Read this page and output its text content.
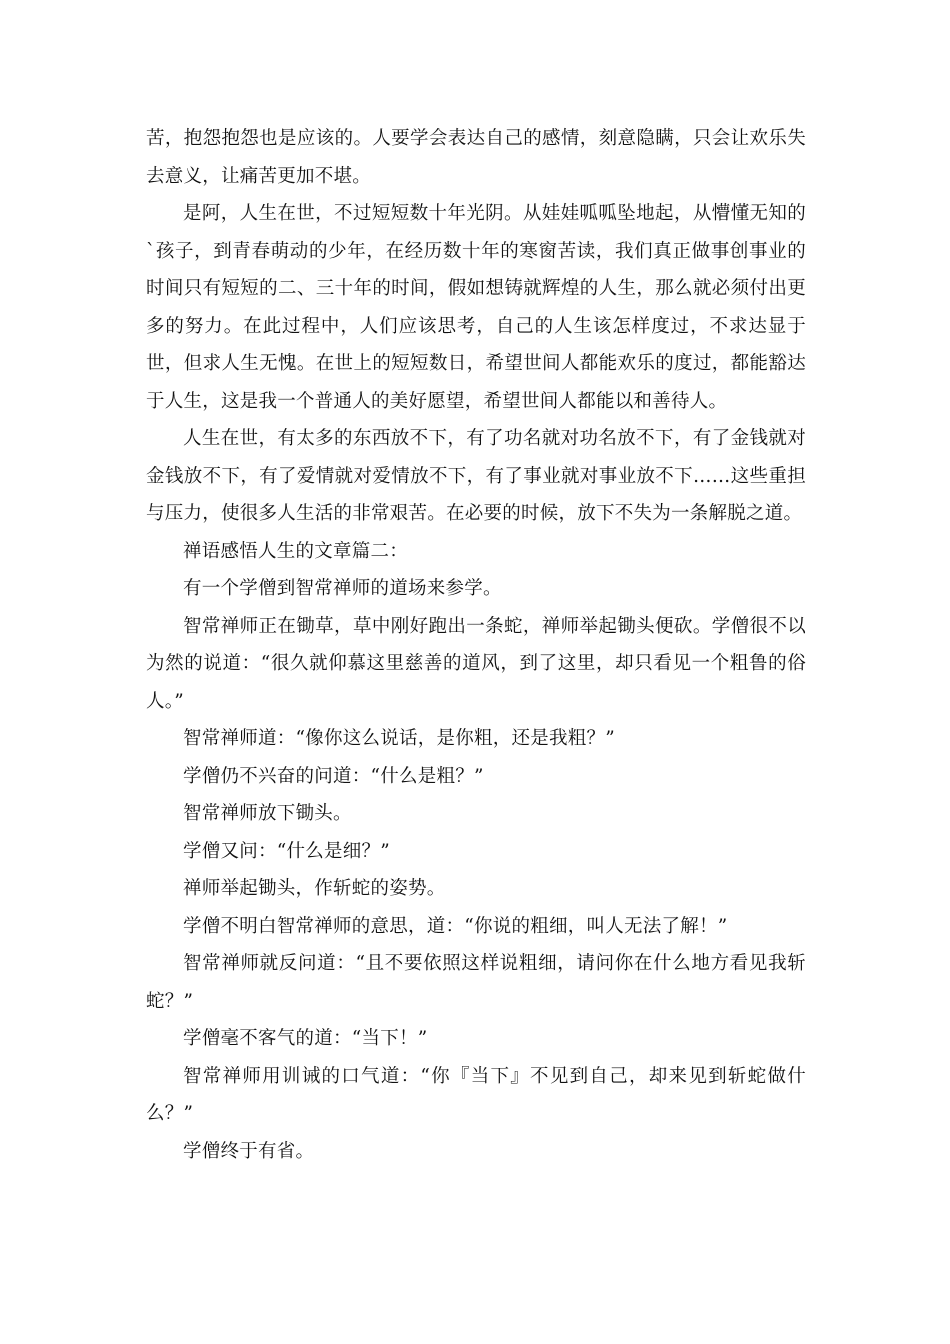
苦，抱怨抱怨也是应该的。人要学会表达自己的感情，刻意隐瞒，只会让欢乐失去意义，让痛苦更加不堪。

是阿，人生在世，不过短短数十年光阴。从娃娃呱呱坠地起，从懵懂无知的`孩子，到青春萌动的少年，在经历数十年的寒窗苦读，我们真正做事创事业的时间只有短短的二、三十年的时间，假如想铸就辉煌的人生，那么就必须付出更多的努力。在此过程中，人们应该思考，自己的人生该怎样度过，不求达显于世，但求人生无愧。在世上的短短数日，希望世间人都能欢乐的度过，都能豁达于人生，这是我一个普通人的美好愿望，希望世间人都能以和善待人。

人生在世，有太多的东西放不下，有了功名就对功名放不下，有了金钱就对金钱放不下，有了爱情就对爱情放不下，有了事业就对事业放不下……这些重担与压力，使很多人生活的非常艰苦。在必要的时候，放下不失为一条解脱之道。

禅语感悟人生的文章篇二：

有一个学僧到智常禅师的道场来参学。

智常禅师正在锄草，草中刚好跑出一条蛇，禅师举起锄头便砍。学僧很不以为然的说道：“很久就仰慕这里慈善的道风，到了这里，却只看见一个粗鲁的俗人。”

智常禅师道：“像你这么说话，是你粗，还是我粗？”

学僧仍不兴奋的问道：“什么是粗？”

智常禅师放下锄头。

学僧又问：“什么是细？”

禅师举起锄头，作斩蛇的姿势。

学僧不明白智常禅师的意思，道：“你说的粗细，叫人无法了解！”

智常禅师就反问道：“且不要依照这样说粗细，请问你在什么地方看见我斩蛇？”

学僧毫不客气的道：“当下！”

智常禅师用训诫的口气道：“你『当下』不见到自己，却来见到斩蛇做什么？”

学僧终于有省。
